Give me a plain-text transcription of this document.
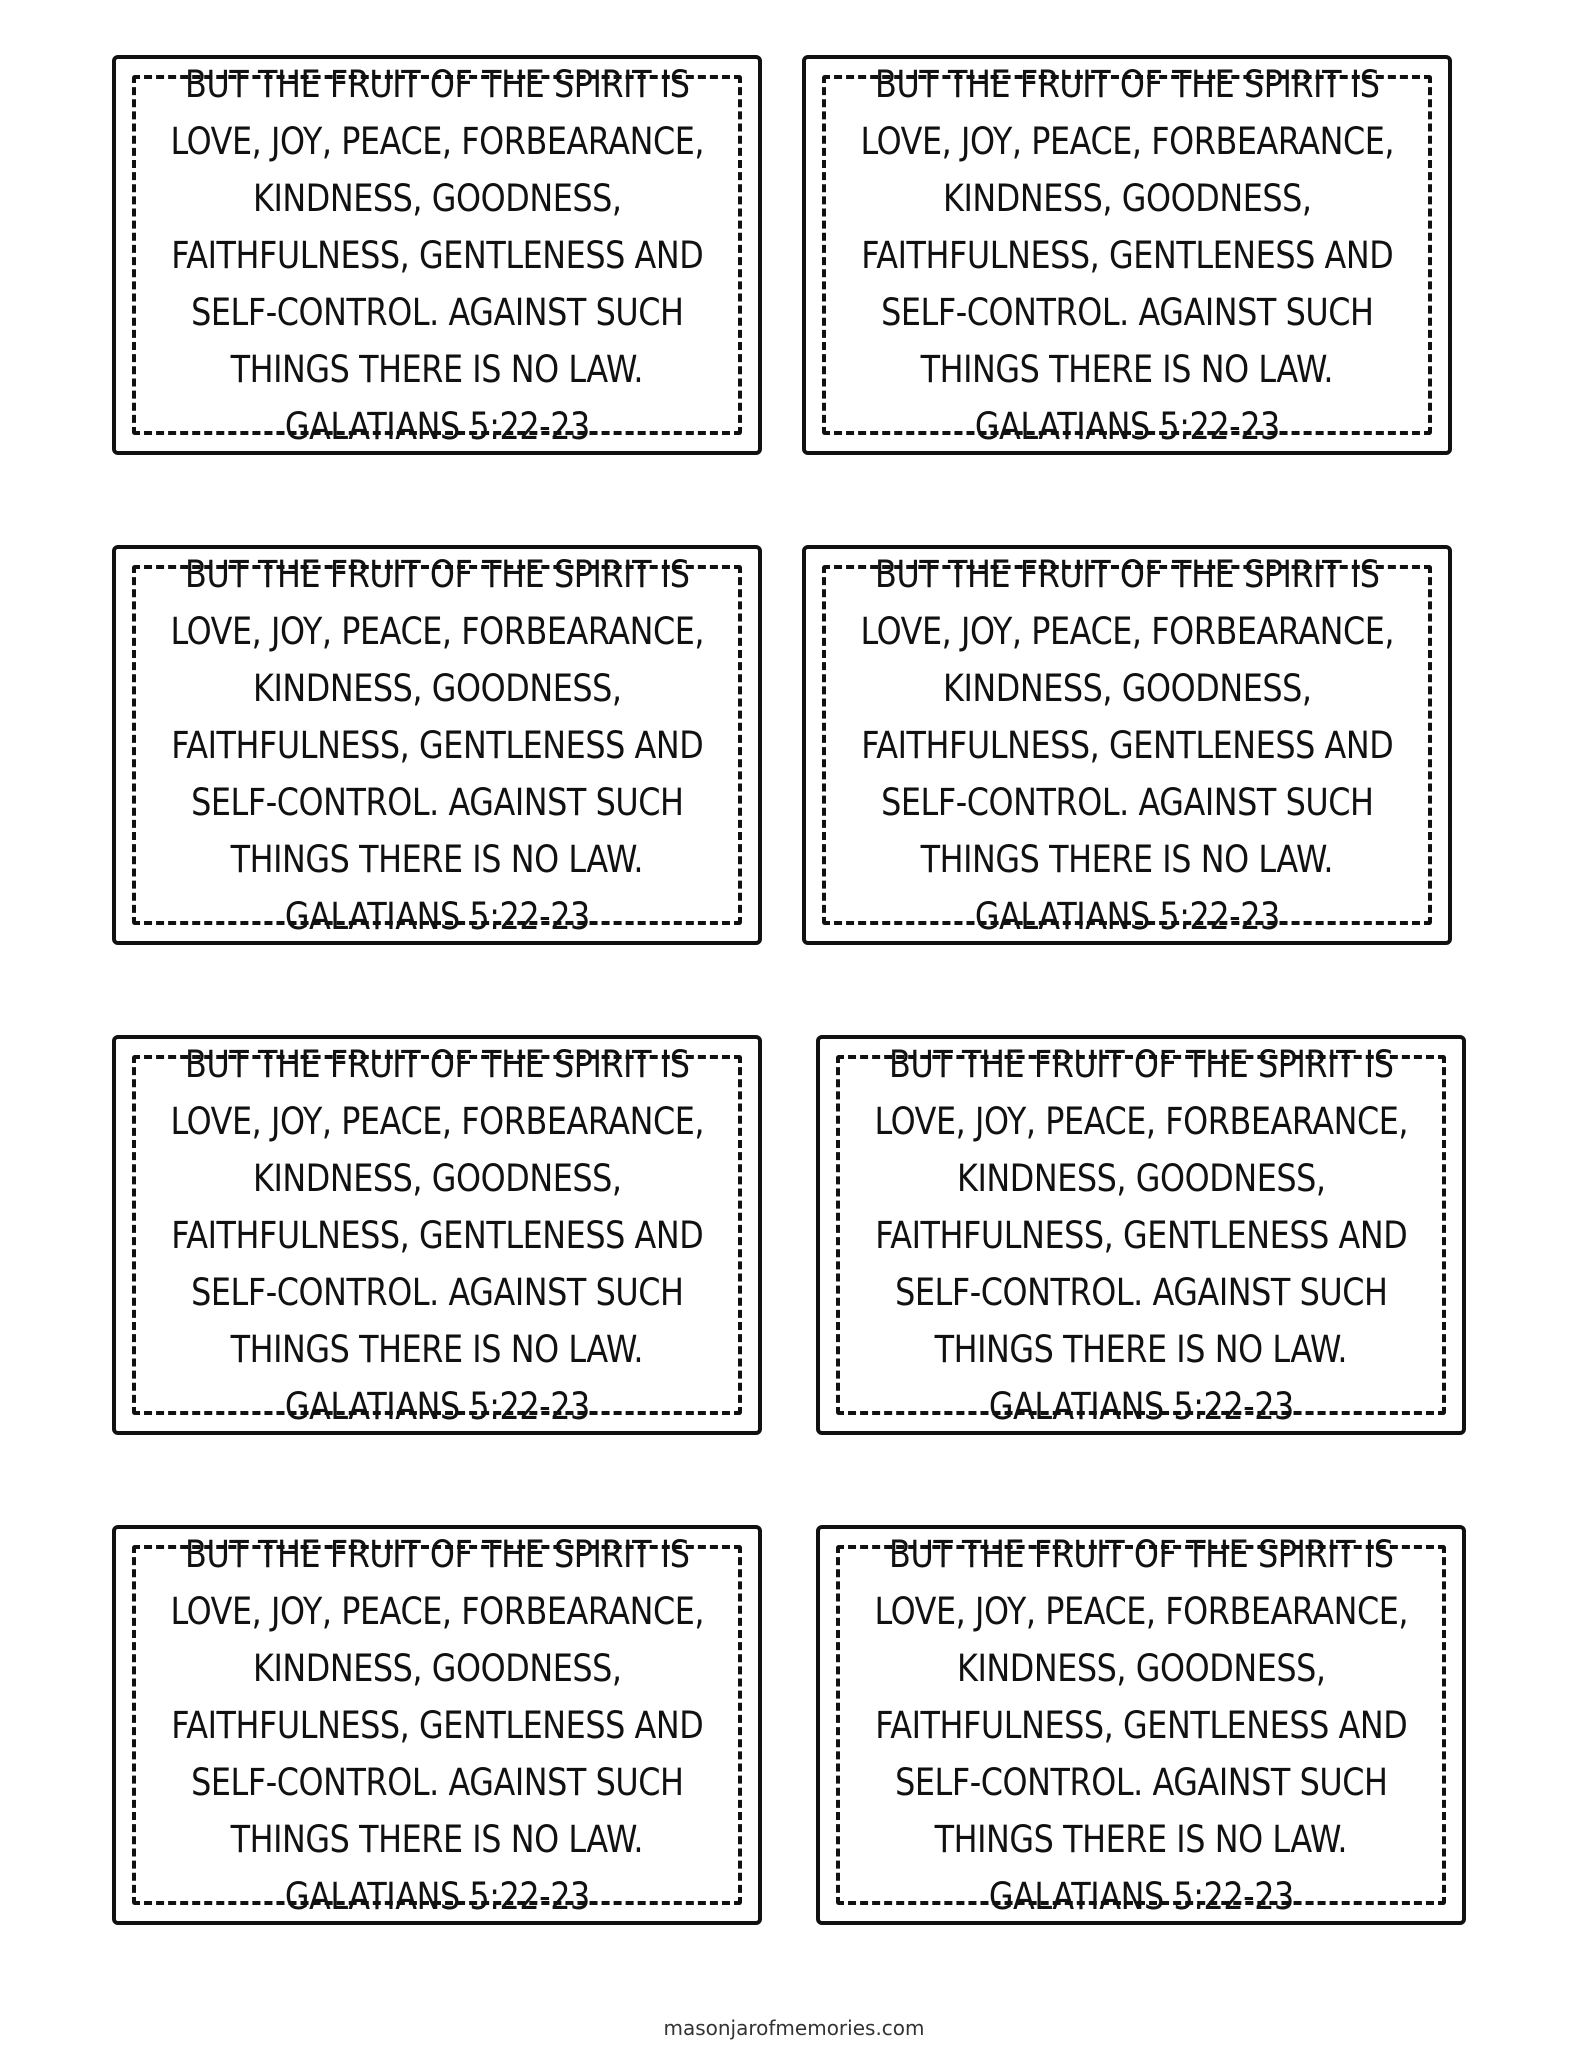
BUT THE FRUIT OF THE SPIRIT IS
LOVE, JOY, PEACE, FORBEARANCE,
KINDNESS, GOODNESS,
FAITHFULNESS, GENTLENESS AND
SELF-CONTROL. AGAINST SUCH
THINGS THERE IS NO LAW.
GALATIANS 5:22-23
BUT THE FRUIT OF THE SPIRIT IS
LOVE, JOY, PEACE, FORBEARANCE,
KINDNESS, GOODNESS,
FAITHFULNESS, GENTLENESS AND
SELF-CONTROL. AGAINST SUCH
THINGS THERE IS NO LAW.
GALATIANS 5:22-23
BUT THE FRUIT OF THE SPIRIT IS
LOVE, JOY, PEACE, FORBEARANCE,
KINDNESS, GOODNESS,
FAITHFULNESS, GENTLENESS AND
SELF-CONTROL. AGAINST SUCH
THINGS THERE IS NO LAW.
GALATIANS 5:22-23
BUT THE FRUIT OF THE SPIRIT IS
LOVE, JOY, PEACE, FORBEARANCE,
KINDNESS, GOODNESS,
FAITHFULNESS, GENTLENESS AND
SELF-CONTROL. AGAINST SUCH
THINGS THERE IS NO LAW.
GALATIANS 5:22-23
BUT THE FRUIT OF THE SPIRIT IS
LOVE, JOY, PEACE, FORBEARANCE,
KINDNESS, GOODNESS,
FAITHFULNESS, GENTLENESS AND
SELF-CONTROL. AGAINST SUCH
THINGS THERE IS NO LAW.
GALATIANS 5:22-23
BUT THE FRUIT OF THE SPIRIT IS
LOVE, JOY, PEACE, FORBEARANCE,
KINDNESS, GOODNESS,
FAITHFULNESS, GENTLENESS AND
SELF-CONTROL. AGAINST SUCH
THINGS THERE IS NO LAW.
GALATIANS 5:22-23
BUT THE FRUIT OF THE SPIRIT IS
LOVE, JOY, PEACE, FORBEARANCE,
KINDNESS, GOODNESS,
FAITHFULNESS, GENTLENESS AND
SELF-CONTROL. AGAINST SUCH
THINGS THERE IS NO LAW.
GALATIANS 5:22-23
BUT THE FRUIT OF THE SPIRIT IS
LOVE, JOY, PEACE, FORBEARANCE,
KINDNESS, GOODNESS,
FAITHFULNESS, GENTLENESS AND
SELF-CONTROL. AGAINST SUCH
THINGS THERE IS NO LAW.
GALATIANS 5:22-23
masonjarofmemories.com
